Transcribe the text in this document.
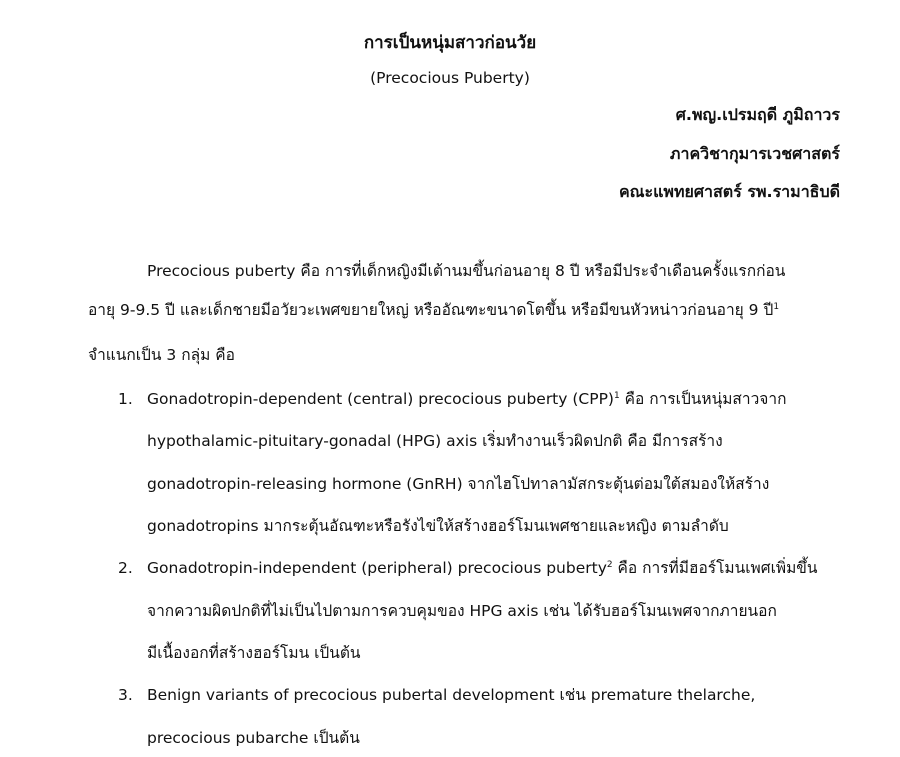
การเป็นหนุ่มสาวก่อนวัย
(Precocious Puberty)
ศ.พญ.เปรมฤดี ภูมิถาวร
ภาควิชากุมารเวชศาสตร์
คณะแพทยศาสตร์ รพ.รามาธิบดี
Precocious puberty คือ การที่เด็กหญิงมีเต้านมขึ้นก่อนอายุ 8 ปี หรือมีประจำเดือนครั้งแรกก่อน
อายุ 9-9.5 ปี และเด็กชายมีอวัยวะเพศขยายใหญ่ หรืออัณฑะขนาดโตขึ้น หรือมีขนหัวหน่าวก่อนอายุ 9 ปี$^1$
จำแนกเป็น 3 กลุ่ม คือ
1. Gonadotropin-dependent (central) precocious puberty (CPP)$^1$ คือ การเป็นหนุ่มสาวจาก
hypothalamic-pituitary-gonadal (HPG) axis เริ่มทำงานเร็วผิดปกติ คือ มีการสร้าง
gonadotropin-releasing hormone (GnRH) จากไฮโปทาลามัสกระตุ้นต่อมใต้สมองให้สร้าง
gonadotropins มากระตุ้นอัณฑะหรือรังไข่ให้สร้างฮอร์โมนเพศชายและหญิง ตามลำดับ
2. Gonadotropin-independent (peripheral) precocious puberty$^2$ คือ การที่มีฮอร์โมนเพศเพิ่มขึ้น
จากความผิดปกติที่ไม่เป็นไปตามการควบคุมของ HPG axis เช่น ได้รับฮอร์โมนเพศจากภายนอก
มีเนื้องอกที่สร้างฮอร์โมน เป็นต้น
3. Benign variants of precocious pubertal development เช่น premature thelarche,
precocious pubarche เป็นต้น
